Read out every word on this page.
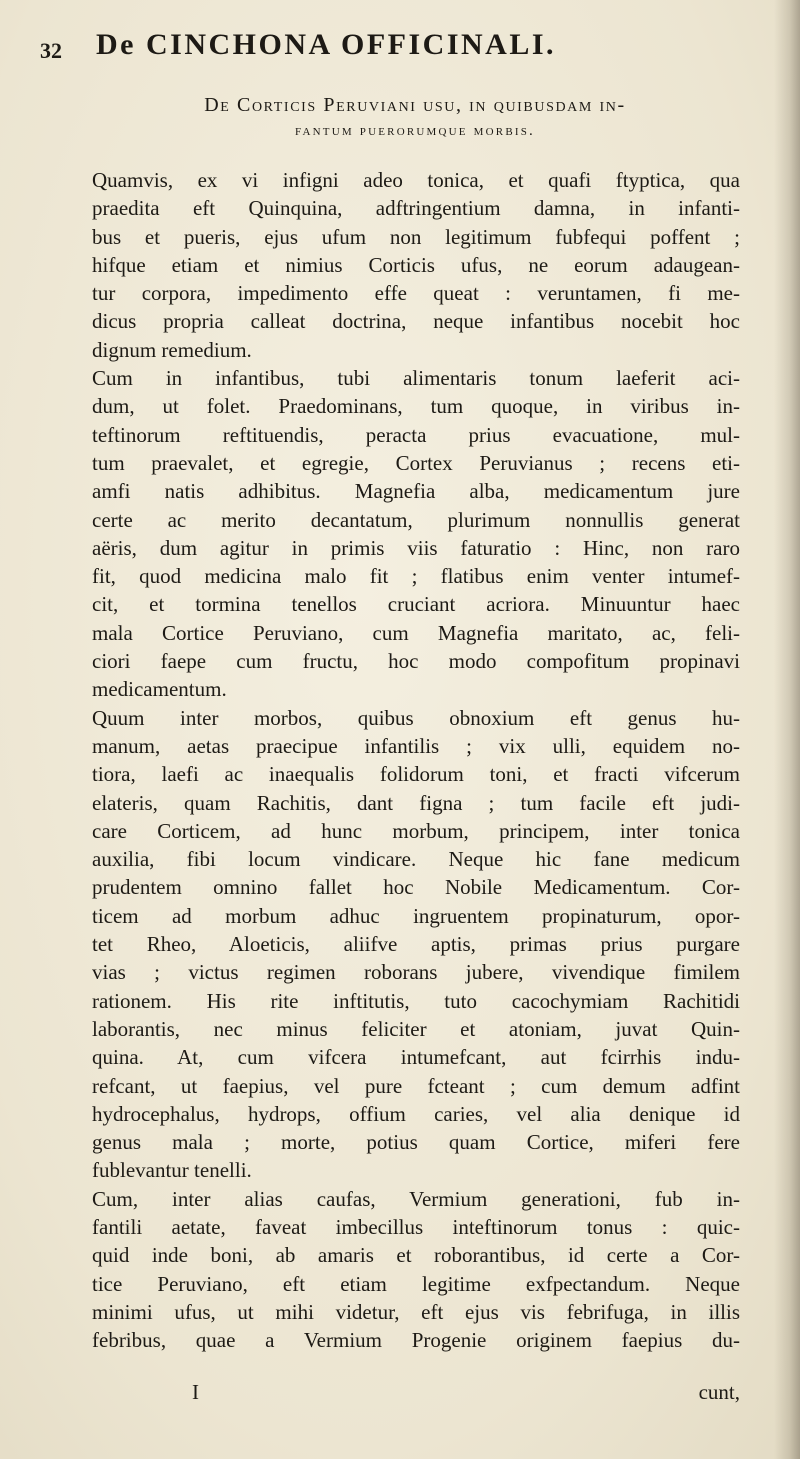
32 De CINCHONA OFFICINALI.
De Corticis Peruviani usu, in quibusdam in-
fantum puerorumque morbis.
Quamvis, ex vi infigni adeo tonica, et quafi ftyptica, qua
praedita eft Quinquina, adftringentium damna, in infanti-
bus et pueris, ejus ufum non legitimum fubfequi poffent ;
hifque etiam et nimius Corticis ufus, ne eorum adaugean-
tur corpora, impedimento effe queat : veruntamen, fi me-
dicus propria calleat doctrina, neque infantibus nocebit hoc
dignum remedium.
Cum in infantibus, tubi alimentaris tonum laeferit aci-
dum, ut folet. Praedominans, tum quoque, in viribus in-
teftinorum reftituendis, peracta prius evacuatione, mul-
tum praevalet, et egregie, Cortex Peruvianus ; recens eti-
amfi natis adhibitus. Magnefia alba, medicamentum jure
certe ac merito decantatum, plurimum nonnullis generat
aëris, dum agitur in primis viis faturatio : Hinc, non raro
fit, quod medicina malo fit ; flatibus enim venter intumef-
cit, et tormina tenellos cruciant acriora. Minuuntur haec
mala Cortice Peruviano, cum Magnefia maritato, ac, feli-
ciori faepe cum fructu, hoc modo compofitum propinavi
medicamentum.
Quum inter morbos, quibus obnoxium eft genus hu-
manum, aetas praecipue infantilis ; vix ulli, equidem no-
tiora, laefi ac inaequalis folidorum toni, et fracti vifcerum
elateris, quam Rachitis, dant figna ; tum facile eft judi-
care Corticem, ad hunc morbum, principem, inter tonica
auxilia, fibi locum vindicare. Neque hic fane medicum
prudentem omnino fallet hoc Nobile Medicamentum. Cor-
ticem ad morbum adhuc ingruentem propinaturum, opor-
tet Rheo, Aloeticis, aliifve aptis, primas prius purgare
vias ; victus regimen roborans jubere, vivendique fimilem
rationem. His rite inftitutis, tuto cacochymiam Rachitidi
laborantis, nec minus feliciter et atoniam, juvat Quin-
quina. At, cum vifcera intumefcant, aut fcirrhis indu-
refcant, ut faepius, vel pure fcteant ; cum demum adfint
hydrocephalus, hydrops, offium caries, vel alia denique id
genus mala ; morte, potius quam Cortice, miferi fere
fublevantur tenelli.
Cum, inter alias caufas, Vermium generationi, fub in-
fantili aetate, faveat imbecillus inteftinorum tonus : quic-
quid inde boni, ab amaris et roborantibus, id certe a Cor-
tice Peruviano, eft etiam legitime exfpectandum. Neque
minimi ufus, ut mihi videtur, eft ejus vis febrifuga, in illis
febribus, quae a Vermium Progenie originem faepius du-
I	cunt,
